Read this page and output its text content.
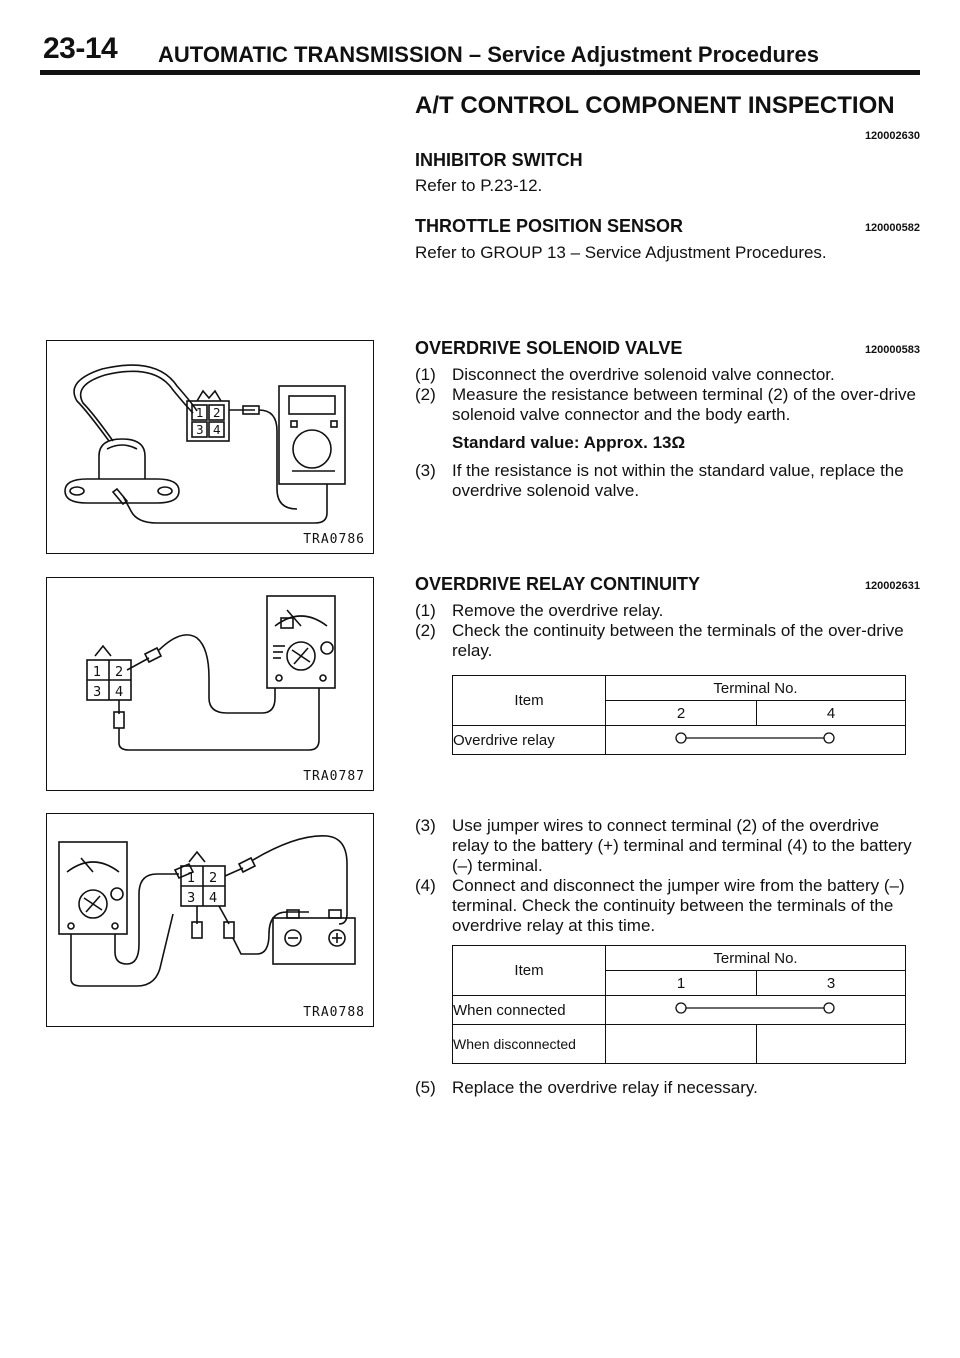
23-14 AUTOMATIC TRANSMISSION – Service Adjustment Procedures
A/T CONTROL COMPONENT INSPECTION
120002630
INHIBITOR SWITCH

Refer to P.23-12.

THROTTLE POSITION SENSOR	120000582

Refer to GROUP 13 – Service Adjustment Procedures.

OVERDRIVE SOLENOID VALVE	120000583

(1) Disconnect the overdrive solenoid valve connector.

(2) Measure the resistance between terminal (2) of the over-drive solenoid valve connector and the body earth.

Standard value: Approx. 13Ω

(3) If the resistance is not within the standard value, replace the overdrive solenoid valve.

OVERDRIVE RELAY CONTINUITY	120002631

(1) Remove the overdrive relay.

(2) Check the continuity between the terminals of the over-drive relay.

Item	Terminal No.	
	2	4
Overdrive relay	

(3) Use jumper wires to connect terminal (2) of the overdrive relay to the battery (+) terminal and terminal (4) to the battery (–) terminal.

(4) Connect and disconnect the jumper wire from the battery (–) terminal. Check the continuity between the terminals of the overdrive relay at this time.

Item	Terminal No.	
	1	3
When connected	
When disconnected		

(5) Replace the overdrive relay if necessary.

1 2
3 4
TRA0786
1 2
3 4
TRA0787
1 2
3 4
TRA0788
